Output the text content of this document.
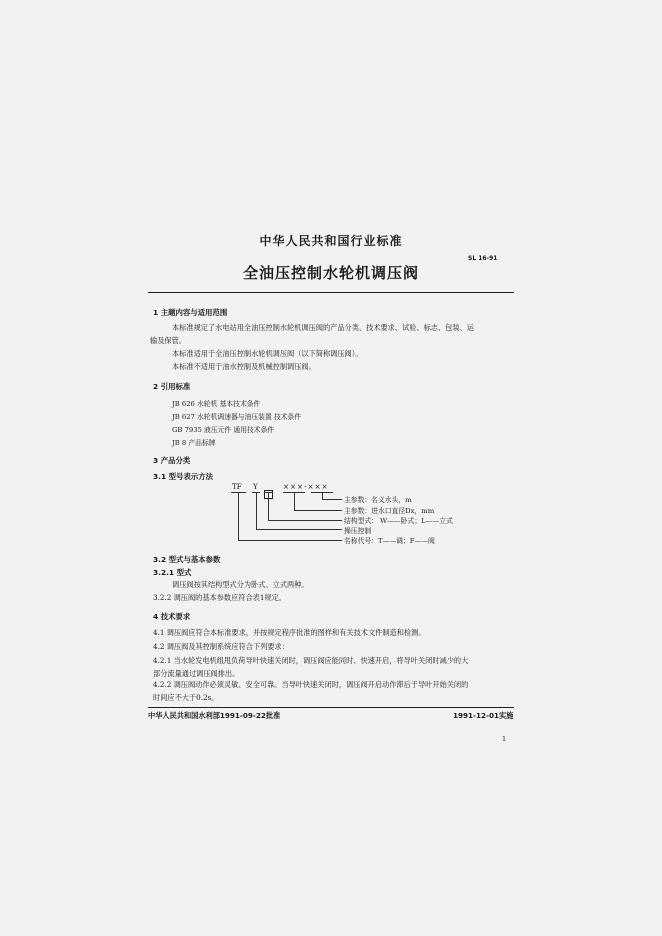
中华人民共和国行业标准
SL 16-91
全油压控制水轮机调压阀
1 主题内容与适用范围
本标准规定了水电站用全油压控制水轮机调压阀的产品分类、技术要求、试验、标志、包装、运
输及保管。
本标准适用于全油压控制水轮机调压阀（以下简称调压阀）。
本标准不适用于油水控制及机械控制调压阀。
2 引用标准
JB 626 水轮机 基本技术条件
JB 627 水轮机调速器与油压装置 技术条件
GB 7935 液压元件 通用技术条件
JB 8 产品标牌
3 产品分类
3.1 型号表示方法
TF Y	×××-×××
主参数：名义水头，m
主参数：进水口直径Dx，mm
结构型式： W——卧式；L——立式
操压控制
名称代号：T——调；F——阀
3.2 型式与基本参数
3.2.1 型式
调压阀按其结构型式分为卧式、立式两种。
3.2.2 调压阀的基本参数应符合表1规定。
4 技术要求
4.1 调压阀应符合本标准要求，并按规定程序批准的图样和有关技术文件制造和检测。
4.2 调压阀及其控制系统应符合下列要求：
4.2.1 当水轮发电机组甩负荷导叶快速关闭时，调压阀应能同时、快速开启，将导叶关闭时减少的大
部分流量通过调压阀排出。
4.2.2 调压阀动作必须灵敏、安全可靠。当导叶快速关闭时，调压阀开启动作滞后于导叶开始关闭的
时间应不大于0.2s。
中华人民共和国水利部1991-09-22批准	1991-12-01实施
1
